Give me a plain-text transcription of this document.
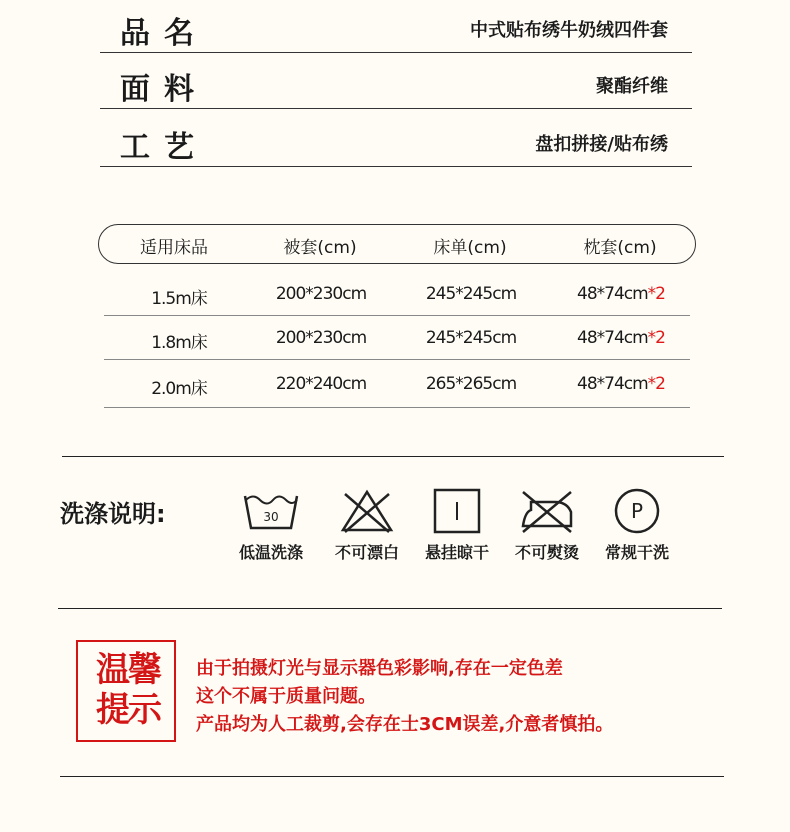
品名	中式贴布绣牛奶绒四件套
面料	聚酯纤维
工艺	盘扣拼接/贴布绣
适用床品	被套(cm)	床单(cm)	枕套(cm)
1.5m床	200*230cm	245*245cm	48*74cm*2
1.8m床	200*230cm	245*245cm	48*74cm*2
2.0m床	220*240cm	265*265cm	48*74cm*2
洗涤说明:	30
低温洗涤	不可漂白	悬挂晾干	不可熨烫
P
常规干洗
温馨提示
由于拍摄灯光与显示器色彩影响,存在一定色差
这个不属于质量问题。
产品均为人工裁剪,会存在士3CM误差,介意者慎拍。
